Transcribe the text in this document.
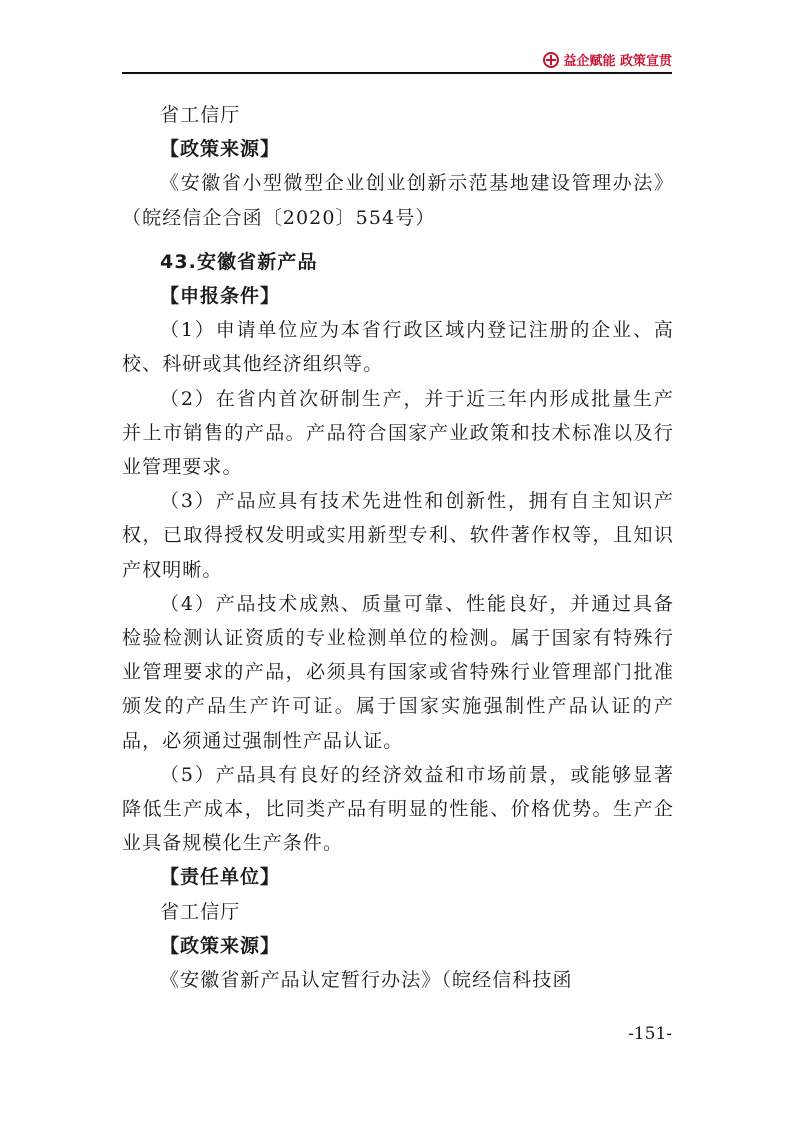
益企赋能 政策宣贯

省工信厅

【政策来源】

《安徽省小型微型企业创业创新示范基地建设管理办法》（皖经信企合函〔2020〕554号）

43.安徽省新产品

【申报条件】

（1）申请单位应为本省行政区域内登记注册的企业、高校、科研或其他经济组织等。

（2）在省内首次研制生产，并于近三年内形成批量生产并上市销售的产品。产品符合国家产业政策和技术标准以及行业管理要求。

（3）产品应具有技术先进性和创新性，拥有自主知识产权，已取得授权发明或实用新型专利、软件著作权等，且知识产权明晰。

（4）产品技术成熟、质量可靠、性能良好，并通过具备检验检测认证资质的专业检测单位的检测。属于国家有特殊行业管理要求的产品，必须具有国家或省特殊行业管理部门批准颁发的产品生产许可证。属于国家实施强制性产品认证的产品，必须通过强制性产品认证。

（5）产品具有良好的经济效益和市场前景，或能够显著降低生产成本，比同类产品有明显的性能、价格优势。生产企业具备规模化生产条件。

【责任单位】

省工信厅

【政策来源】

《安徽省新产品认定暂行办法》（皖经信科技函

-151-
